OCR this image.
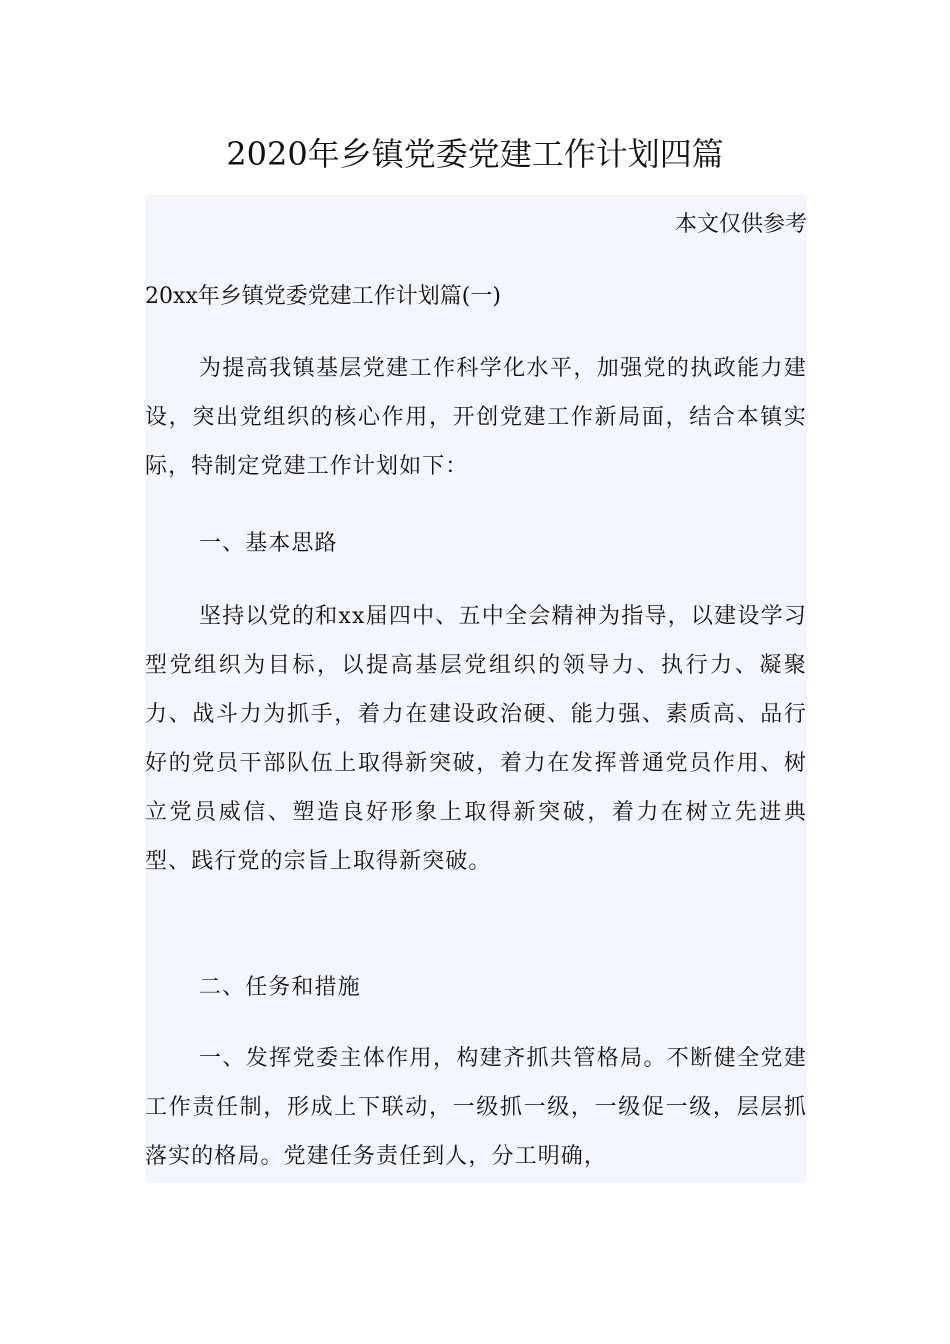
2020年乡镇党委党建工作计划四篇
本文仅供参考
20xx年乡镇党委党建工作计划篇(一)

为提高我镇基层党建工作科学化水平，加强党的执政能力建设，突出党组织的核心作用，开创党建工作新局面，结合本镇实际，特制定党建工作计划如下：

一、基本思路

坚持以党的和xx届四中、五中全会精神为指导，以建设学习型党组织为目标，以提高基层党组织的领导力、执行力、凝聚力、战斗力为抓手，着力在建设政治硬、能力强、素质高、品行好的党员干部队伍上取得新突破，着力在发挥普通党员作用、树立党员威信、塑造良好形象上取得新突破，着力在树立先进典型、践行党的宗旨上取得新突破。

二、任务和措施

一、发挥党委主体作用，构建齐抓共管格局。不断健全党建工作责任制，形成上下联动，一级抓一级，一级促一级，层层抓落实的格局。党建任务责任到人，分工明确，
